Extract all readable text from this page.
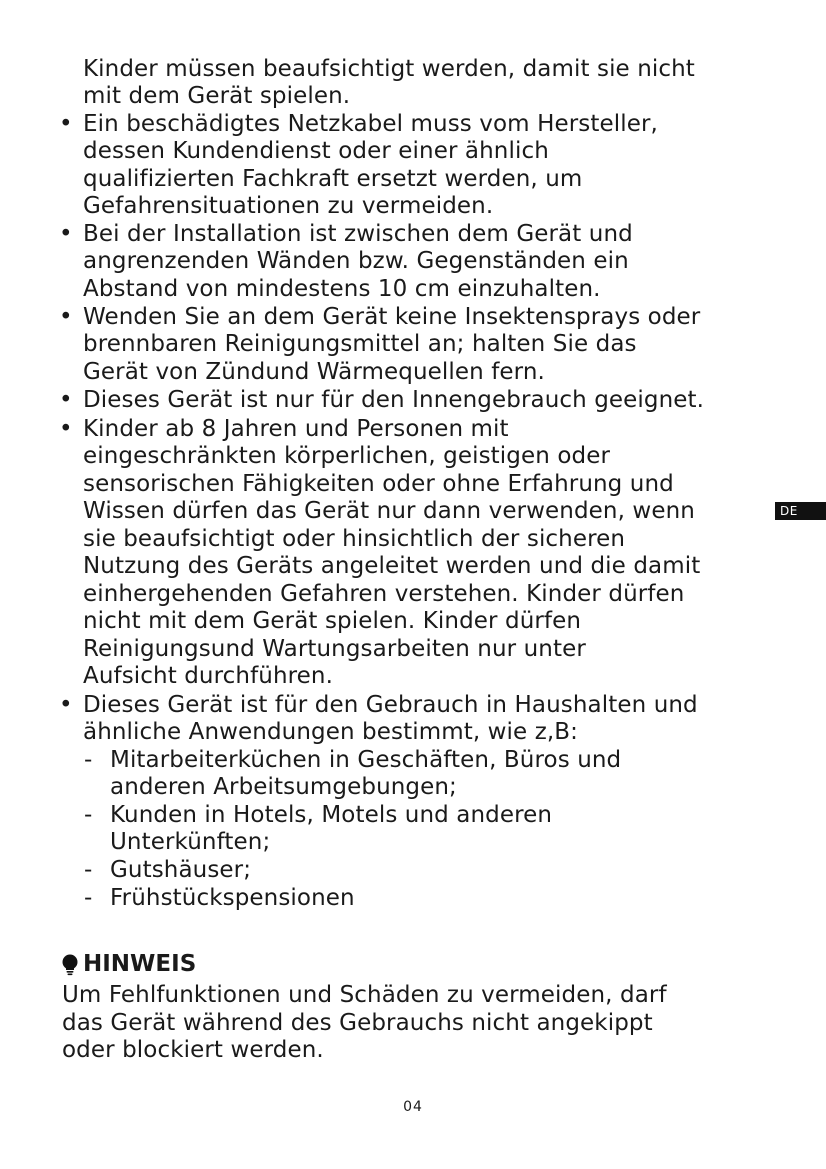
Kinder müssen beaufsichtigt werden, damit sie nicht
mit dem Gerät spielen.
• Ein beschädigtes Netzkabel muss vom Hersteller,
dessen Kundendienst oder einer ähnlich
qualifizierten Fachkraft ersetzt werden, um
Gefahrensituationen zu vermeiden.
• Bei der Installation ist zwischen dem Gerät und
angrenzenden Wänden bzw. Gegenständen ein
Abstand von mindestens 10 cm einzuhalten.
• Wenden Sie an dem Gerät keine Insektensprays oder
brennbaren Reinigungsmittel an; halten Sie das
Gerät von Zündund Wärmequellen fern.
• Dieses Gerät ist nur für den Innengebrauch geeignet.
• Kinder ab 8 Jahren und Personen mit
eingeschränkten körperlichen, geistigen oder
sensorischen Fähigkeiten oder ohne Erfahrung und
Wissen dürfen das Gerät nur dann verwenden, wenn
sie beaufsichtigt oder hinsichtlich der sicheren
Nutzung des Geräts angeleitet werden und die damit
einhergehenden Gefahren verstehen. Kinder dürfen
nicht mit dem Gerät spielen. Kinder dürfen
Reinigungsund Wartungsarbeiten nur unter
Aufsicht durchführen.
• Dieses Gerät ist für den Gebrauch in Haushalten und
ähnliche Anwendungen bestimmt, wie z,B:
- Mitarbeiterküchen in Geschäften, Büros und
anderen Arbeitsumgebungen;
- Kunden in Hotels, Motels und anderen
Unterkünften;
- Gutshäuser;
- Frühstückspensionen
DE
HINWEIS
Um Fehlfunktionen und Schäden zu vermeiden, darf
das Gerät während des Gebrauchs nicht angekippt
oder blockiert werden.
04
